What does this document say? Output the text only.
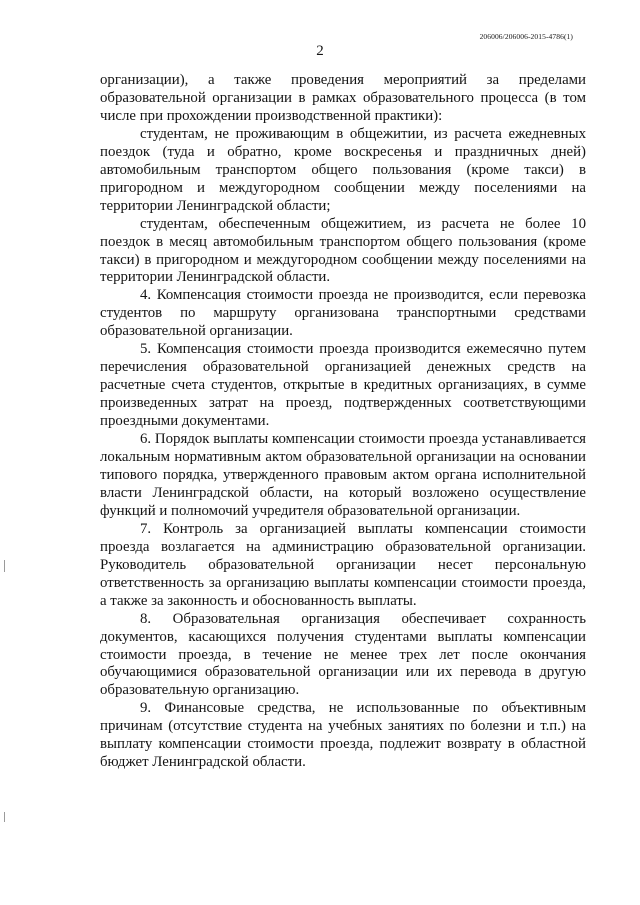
206006/206006-2015-4786(1)
2

организации), а также проведения мероприятий за пределами образовательной организации в рамках образовательного процесса (в том числе при прохождении производственной практики):

студентам, не проживающим в общежитии, из расчета ежедневных поездок (туда и обратно, кроме воскресенья и праздничных дней) автомобильным транспортом общего пользования (кроме такси) в пригородном и междугородном сообщении между поселениями на территории Ленинградской области;

студентам, обеспеченным общежитием, из расчета не более 10 поездок в месяц автомобильным транспортом общего пользования (кроме такси) в пригородном и междугородном сообщении между поселениями на территории Ленинградской области.

4. Компенсация стоимости проезда не производится, если перевозка студентов по маршруту организована транспортными средствами образовательной организации.

5. Компенсация стоимости проезда производится ежемесячно путем перечисления образовательной организацией денежных средств на расчетные счета студентов, открытые в кредитных организациях, в сумме произведенных затрат на проезд, подтвержденных соответствующими проездными документами.

6. Порядок выплаты компенсации стоимости проезда устанавливается локальным нормативным актом образовательной организации на основании типового порядка, утвержденного правовым актом органа исполнительной власти Ленинградской области, на который возложено осуществление функций и полномочий учредителя образовательной организации.

7. Контроль за организацией выплаты компенсации стоимости проезда возлагается на администрацию образовательной организации. Руководитель образовательной организации несет персональную ответственность за организацию выплаты компенсации стоимости проезда, а также за законность и обоснованность выплаты.

8. Образовательная организация обеспечивает сохранность документов, касающихся получения студентами выплаты компенсации стоимости проезда, в течение не менее трех лет после окончания обучающимися образовательной организации или их перевода в другую образовательную организацию.

9. Финансовые средства, не использованные по объективным причинам (отсутствие студента на учебных занятиях по болезни и т.п.) на выплату компенсации стоимости проезда, подлежит возврату в областной бюджет Ленинградской области.
